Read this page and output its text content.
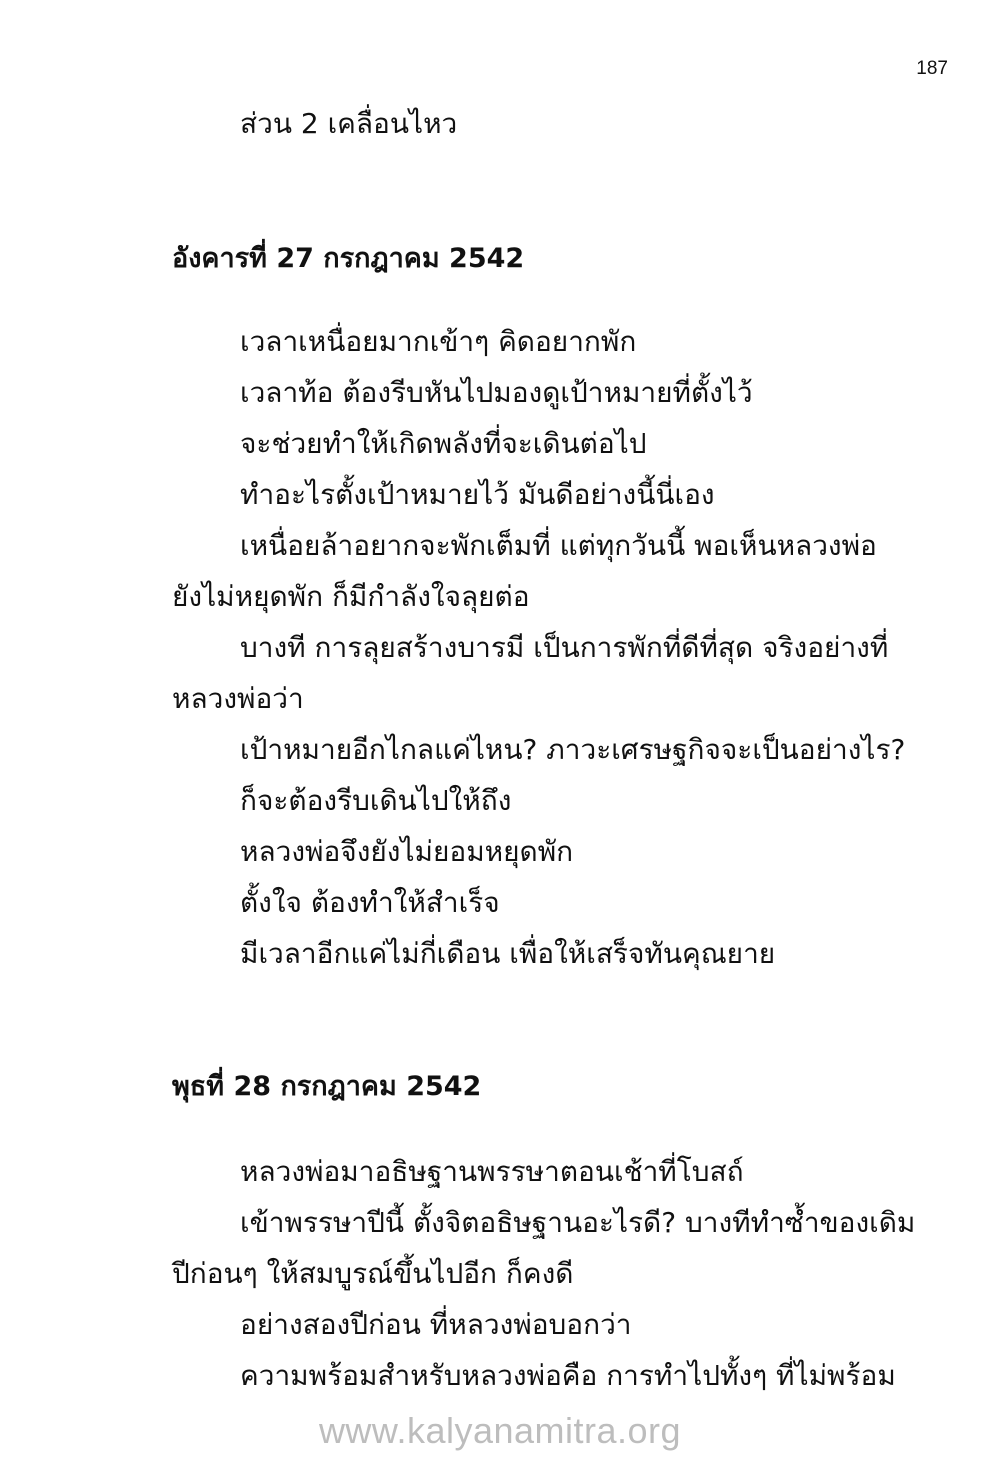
187
ส่วน 2 เคลื่อนไหว
อังคารที่ 27 กรกฎาคม 2542
เวลาเหนื่อยมากเข้าๆ คิดอยากพัก
เวลาท้อ ต้องรีบหันไปมองดูเป้าหมายที่ตั้งไว้
จะช่วยทำให้เกิดพลังที่จะเดินต่อไป
ทำอะไรตั้งเป้าหมายไว้ มันดีอย่างนี้นี่เอง
เหนื่อยล้าอยากจะพักเต็มที่ แต่ทุกวันนี้ พอเห็นหลวงพ่อ
ยังไม่หยุดพัก ก็มีกำลังใจลุยต่อ
บางที การลุยสร้างบารมี เป็นการพักที่ดีที่สุด จริงอย่างที่
หลวงพ่อว่า
เป้าหมายอีกไกลแค่ไหน? ภาวะเศรษฐกิจจะเป็นอย่างไร?
ก็จะต้องรีบเดินไปให้ถึง
หลวงพ่อจึงยังไม่ยอมหยุดพัก
ตั้งใจ ต้องทำให้สำเร็จ
มีเวลาอีกแค่ไม่กี่เดือน เพื่อให้เสร็จทันคุณยาย
พุธที่ 28 กรกฎาคม 2542
หลวงพ่อมาอธิษฐานพรรษาตอนเช้าที่โบสถ์
เข้าพรรษาปีนี้ ตั้งจิตอธิษฐานอะไรดี? บางทีทำซ้ำของเดิม
ปีก่อนๆ ให้สมบูรณ์ขึ้นไปอีก ก็คงดี
อย่างสองปีก่อน ที่หลวงพ่อบอกว่า
ความพร้อมสำหรับหลวงพ่อคือ การทำไปทั้งๆ ที่ไม่พร้อม
www.kalyanamitra.org
